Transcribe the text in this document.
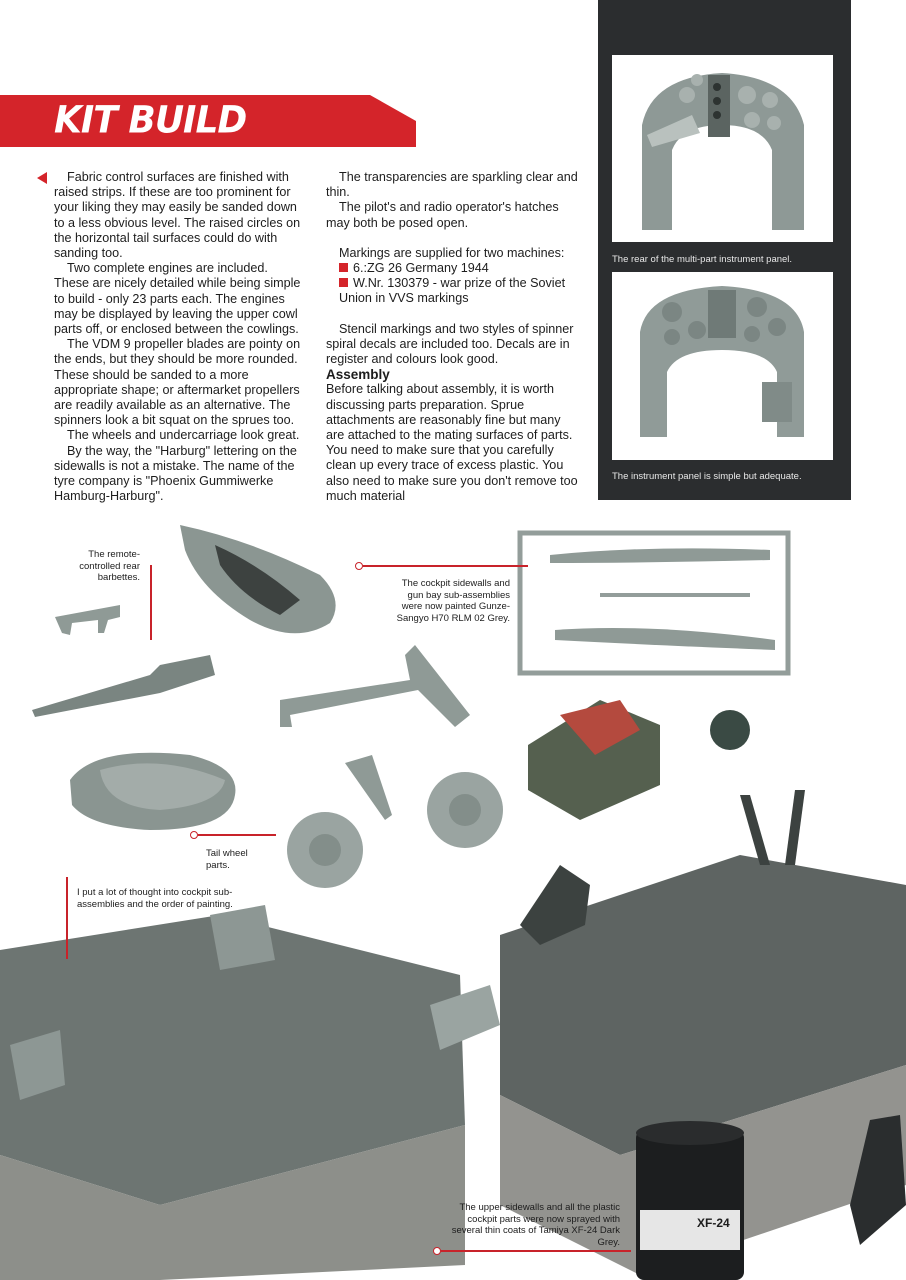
KIT BUILD

Fabric control surfaces are finished with raised strips. If these are too prominent for your liking they may easily be sanded down to a less obvious level. The raised circles on the horizontal tail surfaces could do with sanding too.

Two complete engines are included. These are nicely detailed while being simple to build - only 23 parts each. The engines may be displayed by leaving the upper cowl parts off, or enclosed between the cowlings.

The VDM 9 propeller blades are pointy on the ends, but they should be more rounded. These should be sanded to a more appropriate shape; or aftermarket propellers are readily available as an alternative. The spinners look a bit squat on the sprues too.

The wheels and undercarriage look great.

By the way, the "Harburg" lettering on the sidewalls is not a mistake. The name of the tyre company is "Phoenix Gummiwerke Hamburg-Harburg".

The transparencies are sparkling clear and thin.

The pilot's and radio operator's hatches may both be posed open.

Markings are supplied for two machines:

6.:ZG 26 Germany 1944

W.Nr. 130379 - war prize of the Soviet Union in VVS markings

Stencil markings and two styles of spinner spiral decals are included too. Decals are in register and colours look good.

Assembly

Before talking about assembly, it is worth discussing parts preparation. Sprue attachments are reasonably fine but many are attached to the mating surfaces of parts. You need to make sure that you carefully clean up every trace of excess plastic. You also need to make sure you don't remove too much material

The rear of the multi-part instrument panel.
The instrument panel is simple but adequate.
XF-24
The remote-controlled rear barbettes.
The cockpit sidewalls and gun bay sub-assemblies were now painted Gunze-Sangyo H70 RLM 02 Grey.
Tail wheel parts.
I put a lot of thought into cockpit sub-assemblies and the order of painting.
The upper sidewalls and all the plastic cockpit parts were now sprayed with several thin coats of Tamiya XF-24 Dark Grey.
